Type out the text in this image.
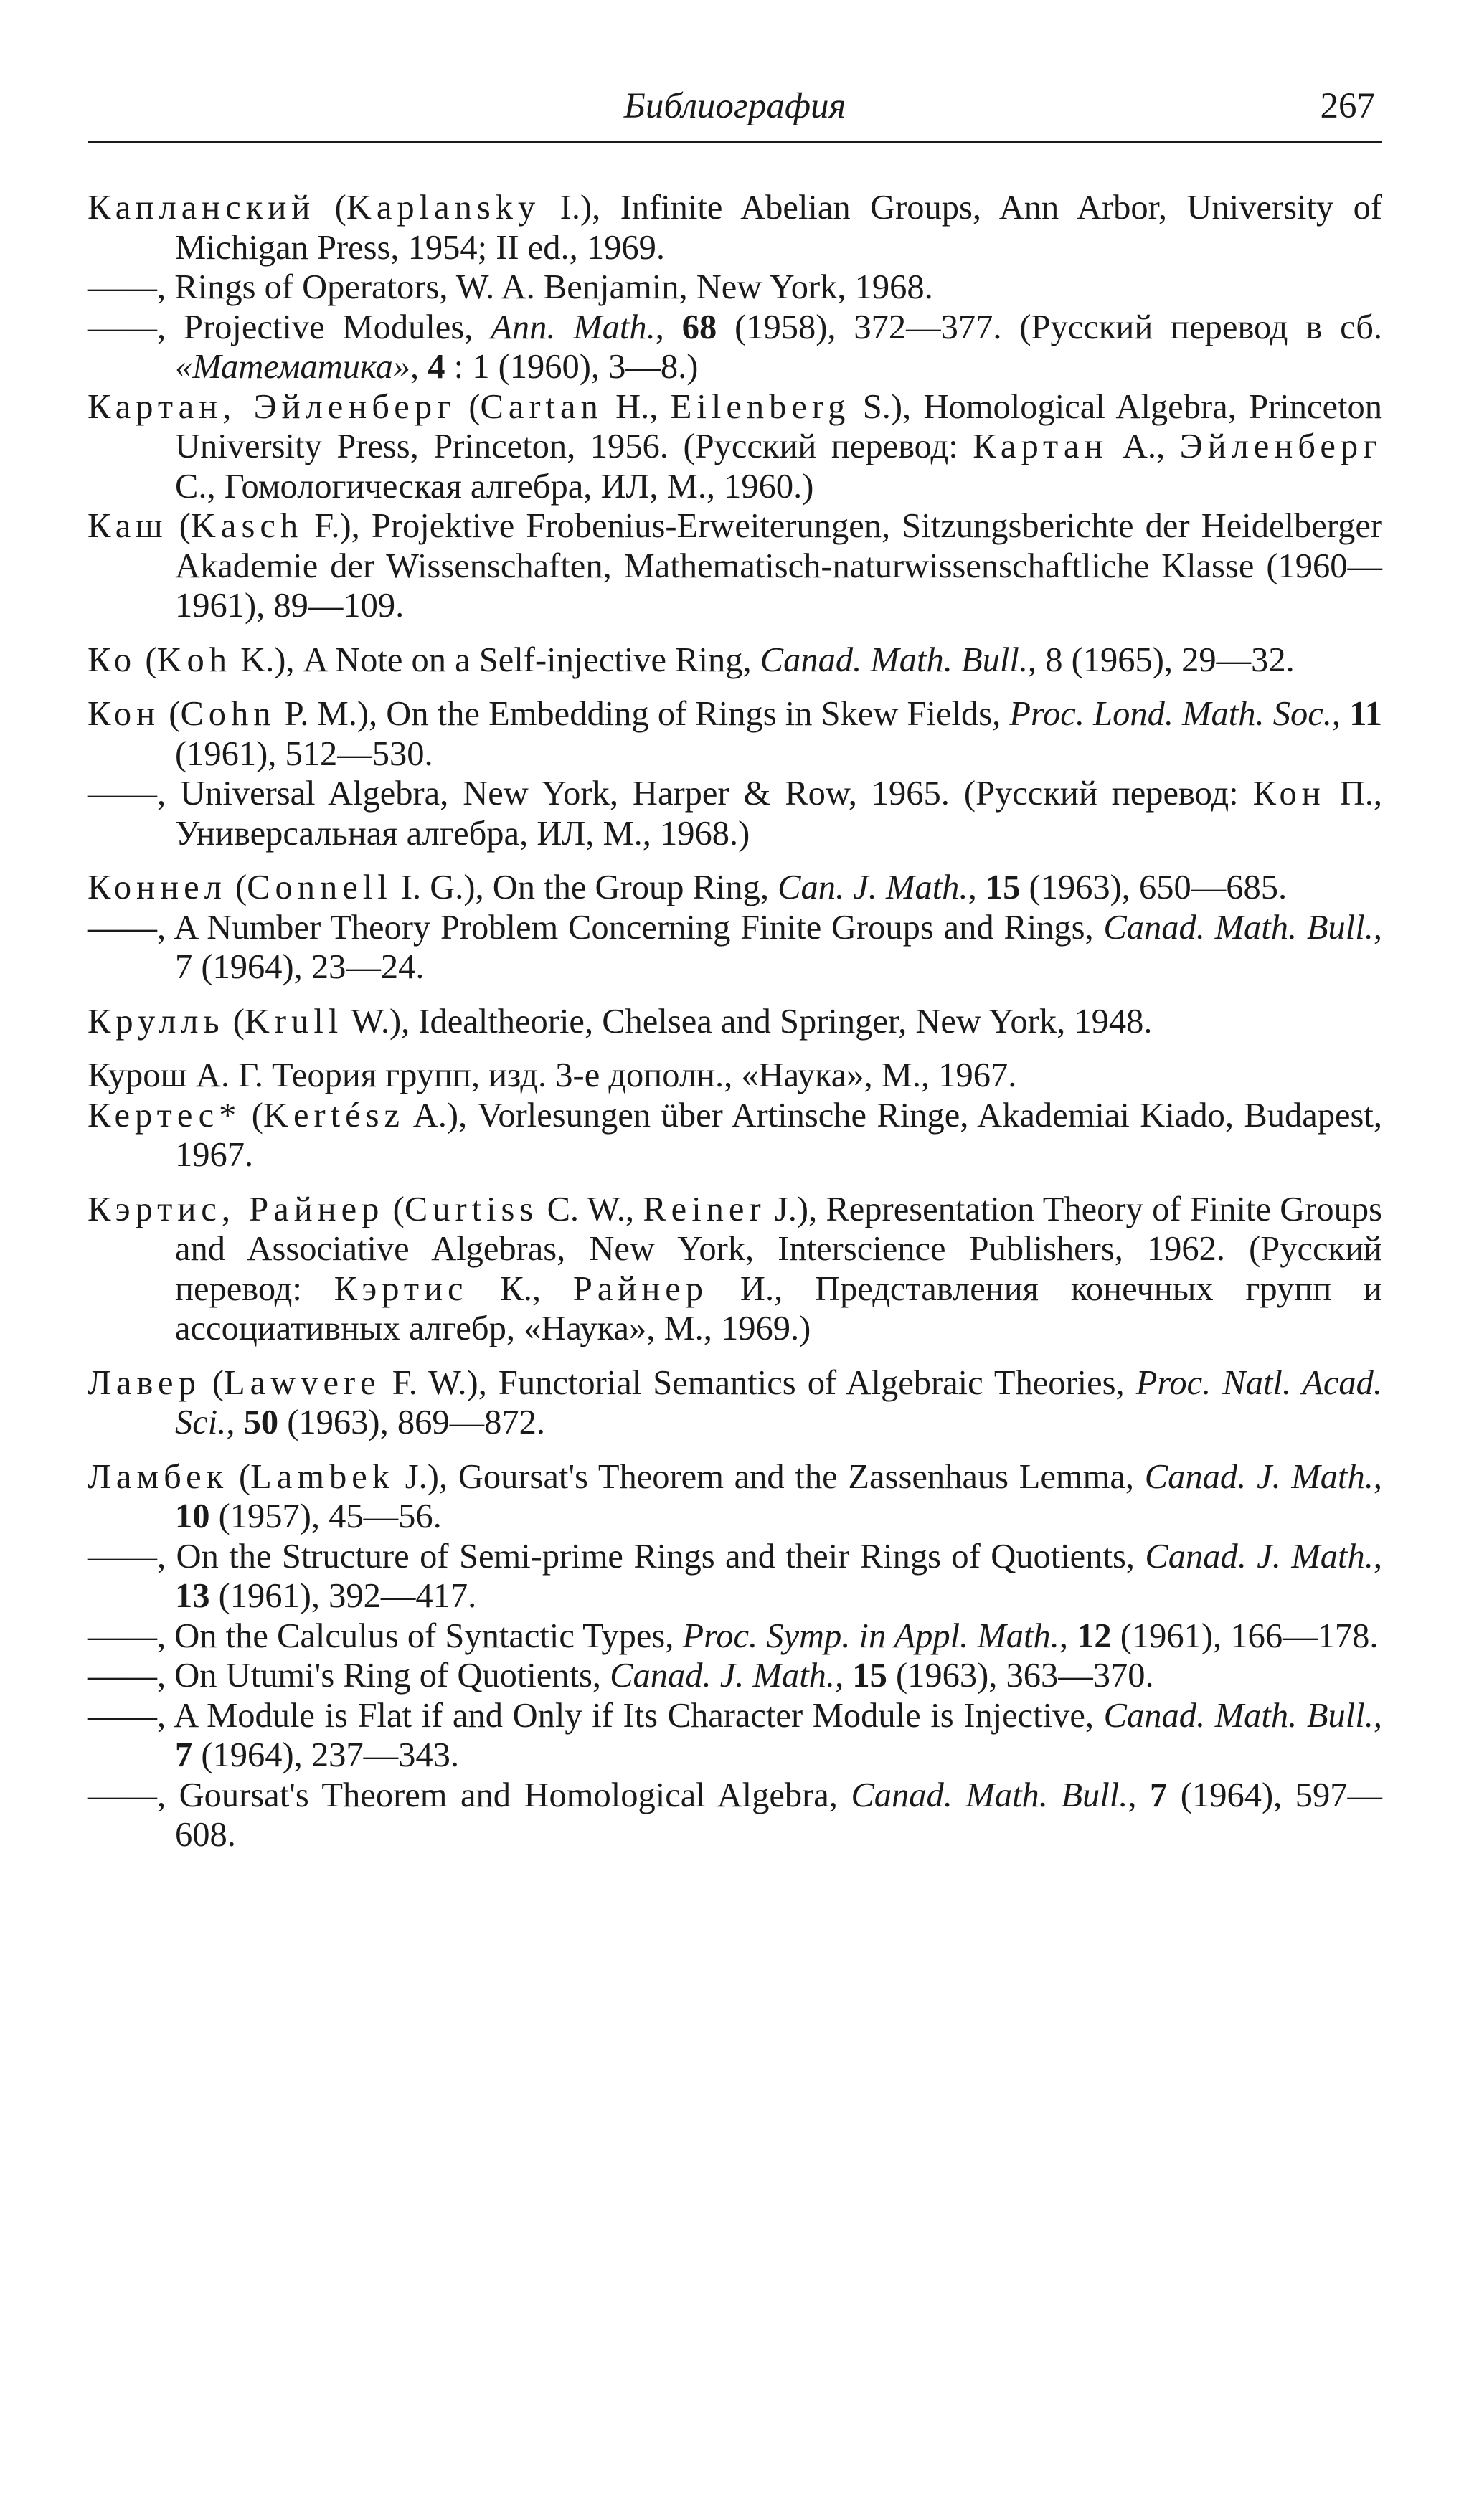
Библиография	267

Капланский (Kaplansky I.), Infinite Abelian Groups, Ann Arbor, University of Michigan Press, 1954; II ed., 1969.

——, Rings of Operators, W. A. Benjamin, New York, 1968.

——, Projective Modules, Ann. Math., 68 (1958), 372—377. (Русский перевод в сб. «Математика», 4 : 1 (1960), 3—8.)

Картан, Эйленберг (Cartan H., Eilenberg S.), Homological Algebra, Princeton University Press, Princeton, 1956. (Русский перевод: Картан А., Эйленберг С., Гомологическая алгебра, ИЛ, М., 1960.)

Каш (Kasch F.), Projektive Frobenius-Erweiterungen, Sitzungsberichte der Heidelberger Akademie der Wissenschaften, Mathematisch-naturwissenschaftliche Klasse (1960—1961), 89—109.

Ко (Koh K.), A Note on a Self-injective Ring, Canad. Math. Bull., 8 (1965), 29—32.

Кон (Cohn P. M.), On the Embedding of Rings in Skew Fields, Proc. Lond. Math. Soc., 11 (1961), 512—530.

——, Universal Algebra, New York, Harper & Row, 1965. (Русский перевод: Кон П., Универсальная алгебра, ИЛ, М., 1968.)

Коннел (Connell I. G.), On the Group Ring, Can. J. Math., 15 (1963), 650—685.

——, A Number Theory Problem Concerning Finite Groups and Rings, Canad. Math. Bull., 7 (1964), 23—24.

Крулль (Krull W.), Idealtheorie, Chelsea and Springer, New York, 1948.

Курош А. Г. Теория групп, изд. 3-е дополн., «Наука», М., 1967.

Кертес* (Kertész A.), Vorlesungen über Artinsche Ringe, Akademiai Kiado, Budapest, 1967.

Кэртис, Райнер (Curtiss C. W., Reiner J.), Representation Theory of Finite Groups and Associative Algebras, New York, Interscience Publishers, 1962. (Русский перевод: Кэртис К., Райнер И., Представления конечных групп и ассоциативных алгебр, «Наука», М., 1969.)

Лавер (Lawvere F. W.), Functorial Semantics of Algebraic Theories, Proc. Natl. Acad. Sci., 50 (1963), 869—872.

Ламбек (Lambek J.), Goursat's Theorem and the Zassenhaus Lemma, Canad. J. Math., 10 (1957), 45—56.

——, On the Structure of Semi-prime Rings and their Rings of Quotients, Canad. J. Math., 13 (1961), 392—417.

——, On the Calculus of Syntactic Types, Proc. Symp. in Appl. Math., 12 (1961), 166—178.

——, On Utumi's Ring of Quotients, Canad. J. Math., 15 (1963), 363—370.

——, A Module is Flat if and Only if Its Character Module is Injective, Canad. Math. Bull., 7 (1964), 237—343.

——, Goursat's Theorem and Homological Algebra, Canad. Math. Bull., 7 (1964), 597—608.
